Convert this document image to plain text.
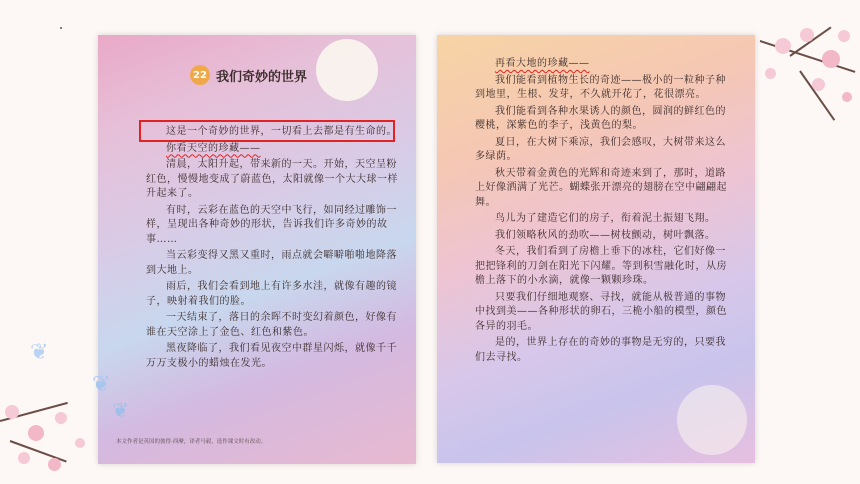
22 我们奇妙的世界

这是一个奇妙的世界，一切看上去都是有生命的。

你看天空的珍藏——

清晨，太阳升起，带来新的一天。开始，天空呈粉红色，慢慢地变成了蔚蓝色，太阳就像一个大大球一样升起来了。

有时，云彩在蓝色的天空中飞行，如同经过雕饰一样，呈现出各种奇妙的形状，告诉我们许多奇妙的故事……

当云彩变得又黑又重时，雨点就会噼噼啪啪地降落到大地上。

雨后，我们会看到地上有许多水洼，就像有趣的镜子，映射着我们的脸。

一天结束了，落日的余晖不时变幻着颜色，好像有谁在天空涂上了金色、红色和紫色。

黑夜降临了，我们看见夜空中群星闪烁，就像千千万万支极小的蜡烛在发光。

本文作者是英国的彼得·西摩，译者马毅，选作课文时有改动。
❦
❦
❦

再看大地的珍藏——

我们能看到植物生长的奇迹——极小的一粒种子种到地里，生根、发芽，不久就开花了，花很漂亮。

我们能看到各种水果诱人的颜色，圆润的鲜红色的樱桃，深紫色的李子，浅黄色的梨。

夏日，在大树下乘凉，我们会感叹，大树带来这么多绿荫。

秋天带着金黄色的光辉和奇迹来到了，那时，道路上好像洒满了光芒。蝴蝶张开漂亮的翅膀在空中翩翩起舞。

鸟儿为了建造它们的房子，衔着泥土振翅飞翔。

我们领略秋风的劲吹——树枝颤动，树叶飘落。

冬天，我们看到了房檐上垂下的冰柱，它们好像一把把锋利的刀剑在阳光下闪耀。等到积雪融化时，从房檐上落下的小水滴，就像一颗颗珍珠。

只要我们仔细地观察、寻找，就能从极普通的事物中找到美——各种形状的卵石，三桅小船的模型，颜色各异的羽毛。

是的，世界上存在的奇妙的事物是无穷的，只要我们去寻找。
